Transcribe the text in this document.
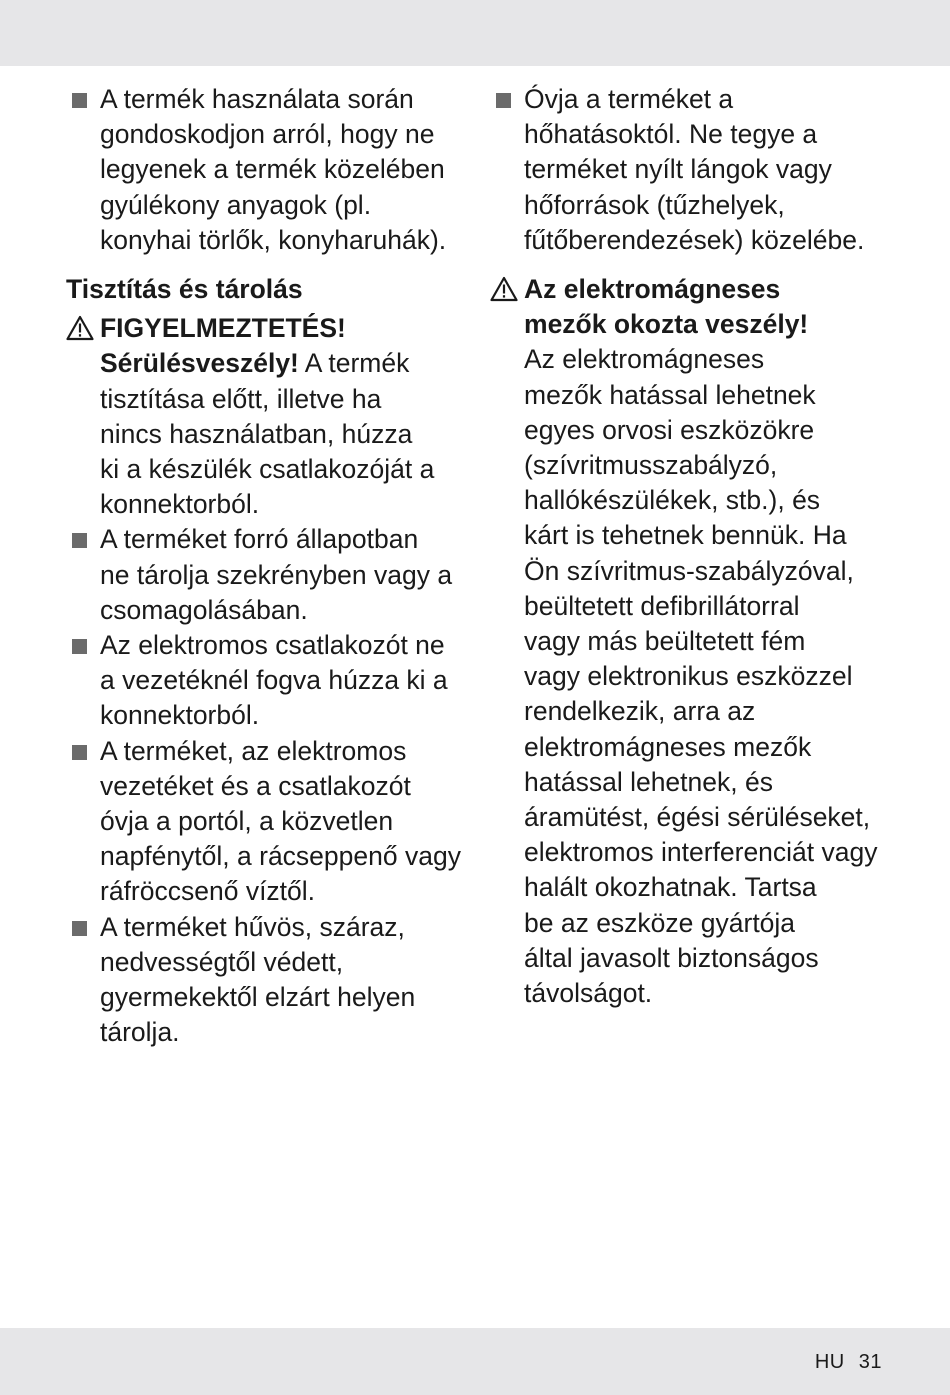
A termék használata során
gondoskodjon arról, hogy ne
legyenek a termék közelében
gyúlékony anyagok (pl.
konyhai törlők, konyharuhák).
Tisztítás és tárolás
FIGYELMEZTETÉS!
Sérülésveszély! A termék
tisztítása előtt, illetve ha
nincs használatban, húzza
ki a készülék csatlakozóját a
konnektorból.
A terméket forró állapotban
ne tárolja szekrényben vagy a
csomagolásában.
Az elektromos csatlakozót ne
a vezetéknél fogva húzza ki a
konnektorból.
A terméket, az elektromos
vezetéket és a csatlakozót
óvja a portól, a közvetlen
napfénytől, a rácseppenő vagy
ráfröccsenő víztől.
A terméket hűvös, száraz,
nedvességtől védett,
gyermekektől elzárt helyen
tárolja.
Óvja a terméket a
hőhatásoktól. Ne tegye a
terméket nyílt lángok vagy
hőforrások (tűzhelyek,
fűtőberendezések) közelébe.
Az elektromágneses
mezők okozta veszély!
Az elektromágneses
mezők hatással lehetnek
egyes orvosi eszközökre
(szívritmusszabályzó,
hallókészülékek, stb.), és
kárt is tehetnek bennük. Ha
Ön szívritmus-szabályzóval,
beültetett defibrillátorral
vagy más beültetett fém
vagy elektronikus eszközzel
rendelkezik, arra az
elektromágneses mezők
hatással lehetnek, és
áramütést, égési sérüléseket,
elektromos interferenciát vagy
halált okozhatnak. Tartsa
be az eszköze gyártója
által javasolt biztonságos
távolságot.
HU 31
